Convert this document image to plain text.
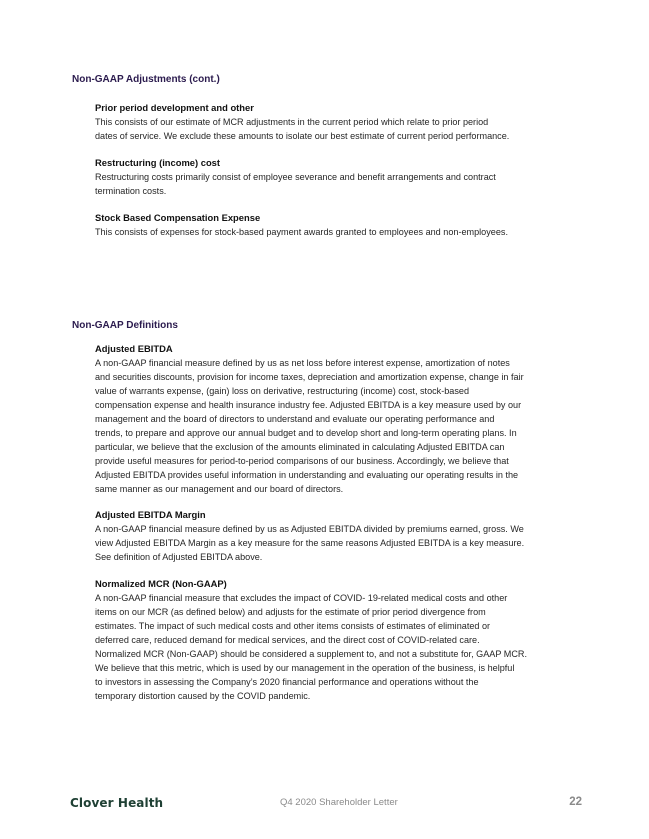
Non-GAAP Adjustments (cont.)

Prior period development and other

This consists of our estimate of MCR adjustments in the current period which relate to prior period
dates of service. We exclude these amounts to isolate our best estimate of current period performance.

Restructuring (income) cost

Restructuring costs primarily consist of employee severance and benefit arrangements and contract
termination costs.

Stock Based Compensation Expense

This consists of expenses for stock-based payment awards granted to employees and non-employees.

Non-GAAP Definitions

Adjusted EBITDA

A non-GAAP financial measure defined by us as net loss before interest expense, amortization of notes
and securities discounts, provision for income taxes, depreciation and amortization expense, change in fair
value of warrants expense, (gain) loss on derivative, restructuring (income) cost, stock-based
compensation expense and health insurance industry fee. Adjusted EBITDA is a key measure used by our
management and the board of directors to understand and evaluate our operating performance and
trends, to prepare and approve our annual budget and to develop short and long-term operating plans. In
particular, we believe that the exclusion of the amounts eliminated in calculating Adjusted EBITDA can
provide useful measures for period-to-period comparisons of our business. Accordingly, we believe that
Adjusted EBITDA provides useful information in understanding and evaluating our operating results in the
same manner as our management and our board of directors.

Adjusted EBITDA Margin

A non-GAAP financial measure defined by us as Adjusted EBITDA divided by premiums earned, gross. We
view Adjusted EBITDA Margin as a key measure for the same reasons Adjusted EBITDA is a key measure.
See definition of Adjusted EBITDA above.

Normalized MCR (Non-GAAP)

A non-GAAP financial measure that excludes the impact of COVID- 19-related medical costs and other
items on our MCR (as defined below) and adjusts for the estimate of prior period divergence from
estimates. The impact of such medical costs and other items consists of estimates of eliminated or
deferred care, reduced demand for medical services, and the direct cost of COVID-related care.
Normalized MCR (Non-GAAP) should be considered a supplement to, and not a substitute for, GAAP MCR.
We believe that this metric, which is used by our management in the operation of the business, is helpful
to investors in assessing the Company’s 2020 financial performance and operations without the
temporary distortion caused by the COVID pandemic.

Clover Health	Q4 2020 Shareholder Letter	22
